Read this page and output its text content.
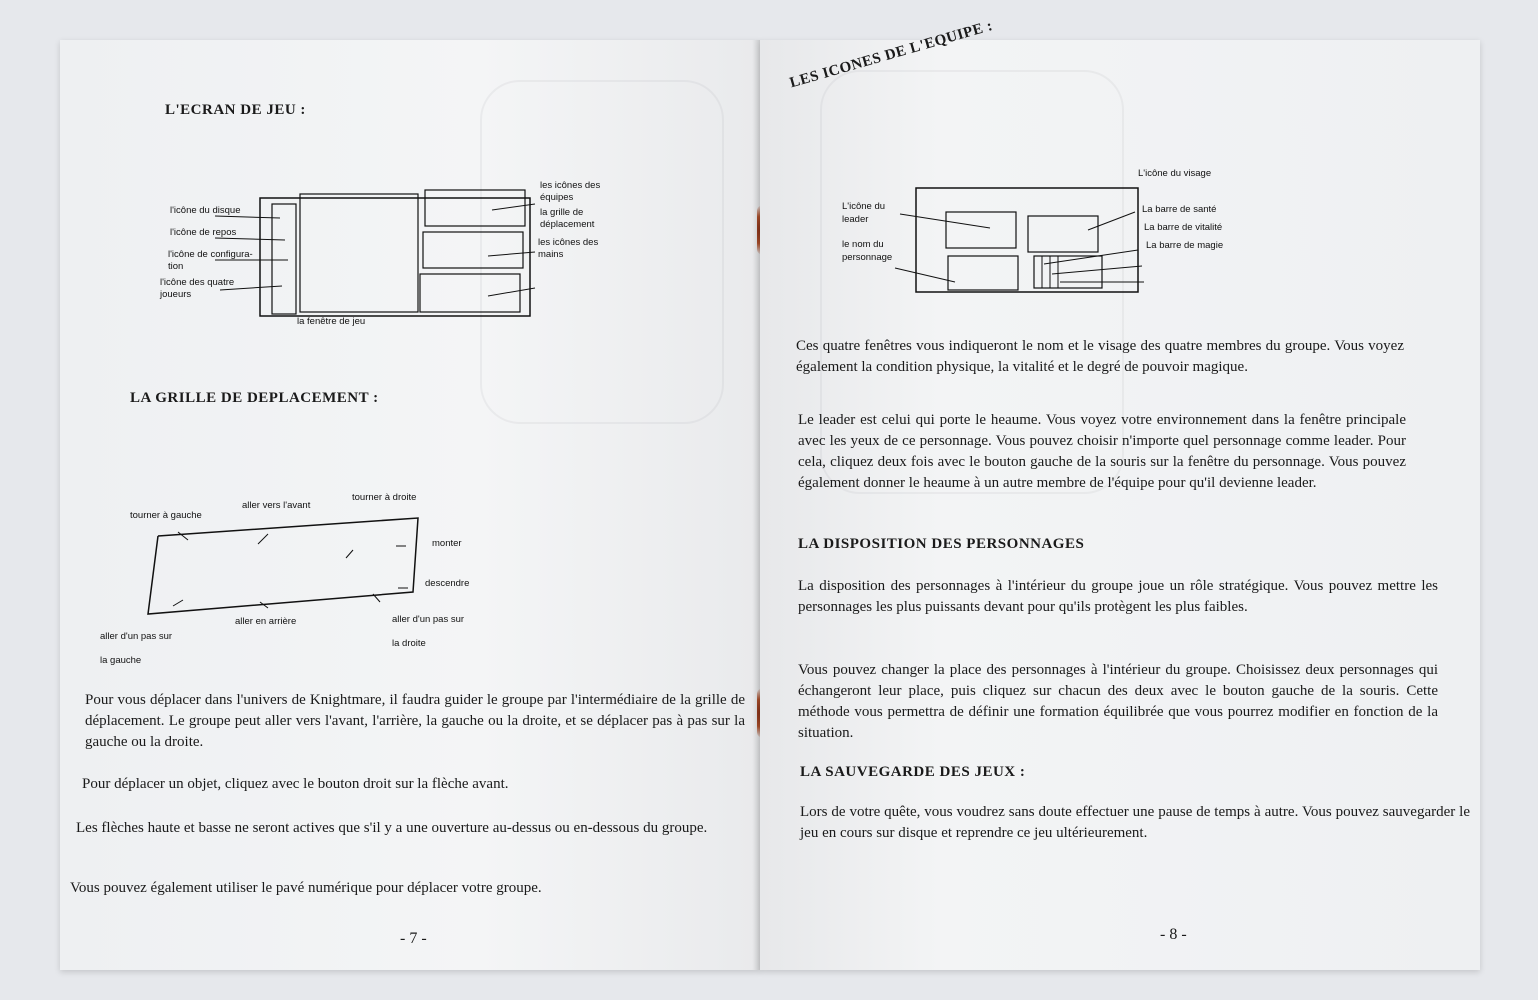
L'ECRAN DE JEU :
l'icône du disque
l'icône de repos
l'icône de configura-tion
l'icône des quatre joueurs
les icônes des équipes
la grille de déplacement
les icônes des mains
la fenêtre de jeu
LA GRILLE DE DEPLACEMENT :
tourner à gauche
aller vers l'avant
tourner à droite
monter
descendre
aller d'un pas sur la gauche
aller en arrière	aller d'un pas sur la droite
Pour vous déplacer dans l'univers de Knightmare, il faudra guider le groupe par l'intermédiaire de la grille de déplacement. Le groupe peut aller vers l'avant, l'arrière, la gauche ou la droite, et se déplacer pas à pas sur la gauche ou la droite.
Pour déplacer un objet, cliquez avec le bouton droit sur la flèche avant.
Les flèches haute et basse ne seront actives que s'il y a une ouverture au-dessus ou en-dessous du groupe.
Vous pouvez également utiliser le pavé numérique pour déplacer votre groupe.
- 7 -
LES ICONES DE L'EQUIPE :
L'icône du leader
le nom du personnage
L'icône du visage
La barre de santé
La barre de vitalité
La barre de magie
Ces quatre fenêtres vous indiqueront le nom et le visage des quatre membres du groupe. Vous voyez également la condition physique, la vitalité et le degré de pouvoir magique.
Le leader est celui qui porte le heaume. Vous voyez votre environnement dans la fenêtre principale avec les yeux de ce personnage. Vous pouvez choisir n'importe quel personnage comme leader. Pour cela, cliquez deux fois avec le bouton gauche de la souris sur la fenêtre du personnage. Vous pouvez également donner le heaume à un autre membre de l'équipe pour qu'il devienne leader.
LA DISPOSITION DES PERSONNAGES
La disposition des personnages à l'intérieur du groupe joue un rôle stratégique. Vous pouvez mettre les personnages les plus puissants devant pour qu'ils protègent les plus faibles.
Vous pouvez changer la place des personnages à l'intérieur du groupe. Choisissez deux personnages qui échangeront leur place, puis cliquez sur chacun des deux avec le bouton gauche de la souris. Cette méthode vous permettra de définir une formation équilibrée que vous pourrez modifier en fonction de la situation.
LA SAUVEGARDE DES JEUX :
Lors de votre quête, vous voudrez sans doute effectuer une pause de temps à autre. Vous pouvez sauvegarder le jeu en cours sur disque et reprendre ce jeu ultérieurement.
- 8 -
